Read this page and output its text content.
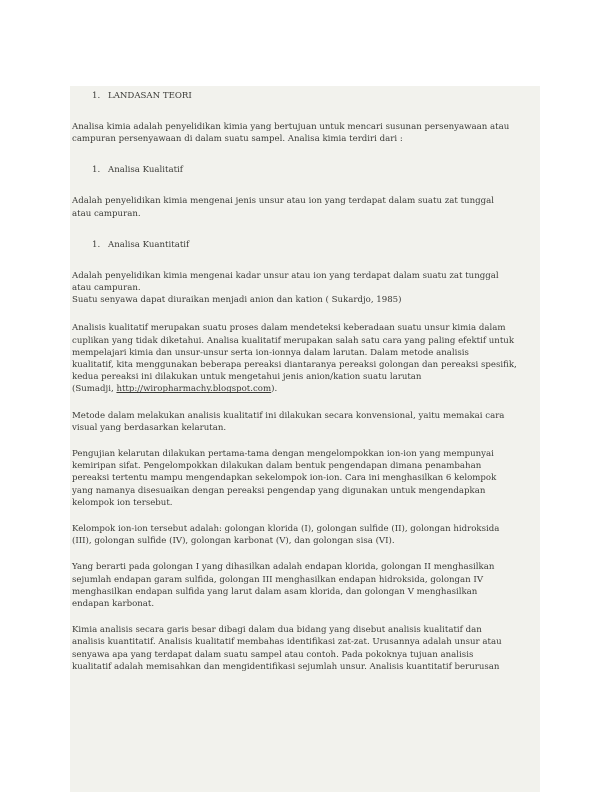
1. LANDASAN TEORI
Analisa kimia adalah penyelidikan kimia yang bertujuan untuk mencari susunan persenyawaan atau
campuran persenyawaan di dalam suatu sampel. Analisa kimia terdiri dari :
1. Analisa Kualitatif
Adalah penyelidikan kimia mengenai jenis unsur atau ion yang terdapat dalam suatu zat tunggal
atau campuran.
1. Analisa Kuantitatif
Adalah penyelidikan kimia mengenai kadar unsur atau ion yang terdapat dalam suatu zat tunggal
atau campuran.
Suatu senyawa dapat diuraikan menjadi anion dan kation ( Sukardjo, 1985)
Analisis kualitatif merupakan suatu proses dalam mendeteksi keberadaan suatu unsur kimia dalam
cuplikan yang tidak diketahui. Analisa kualitatif merupakan salah satu cara yang paling efektif untuk
mempelajari kimia dan unsur-unsur serta ion-ionnya dalam larutan. Dalam metode analisis
kualitatif, kita menggunakan beberapa pereaksi diantaranya pereaksi golongan dan pereaksi spesifik,
kedua pereaksi ini dilakukan untuk mengetahui jenis anion/kation suatu larutan
(Sumadji, http://wiropharmachy.blogspot.com).
Metode dalam melakukan analisis kualitatif ini dilakukan secara konvensional, yaitu memakai cara
visual yang berdasarkan kelarutan.
Pengujian kelarutan dilakukan pertama-tama dengan mengelompokkan ion-ion yang mempunyai
kemiripan sifat. Pengelompokkan dilakukan dalam bentuk pengendapan dimana penambahan
pereaksi tertentu mampu mengendapkan sekelompok ion-ion. Cara ini menghasilkan 6 kelompok
yang namanya disesuaikan dengan pereaksi pengendap yang digunakan untuk mengendapkan
kelompok ion tersebut.
Kelompok ion-ion tersebut adalah: golongan klorida (I), golongan sulfide (II), golongan hidroksida
(III), golongan sulfide (IV), golongan karbonat (V), dan golongan sisa (VI).
Yang berarti pada golongan I yang dihasilkan adalah endapan klorida, golongan II menghasilkan
sejumlah endapan garam sulfida, golongan III menghasilkan endapan hidroksida, golongan IV
menghasilkan endapan sulfida yang larut dalam asam klorida, dan golongan V menghasilkan
endapan karbonat.
Kimia analisis secara garis besar dibagi dalam dua bidang yang disebut analisis kualitatif dan
analisis kuantitatif. Analisis kualitatif membahas identifikasi zat-zat. Urusannya adalah unsur atau
senyawa apa yang terdapat dalam suatu sampel atau contoh. Pada pokoknya tujuan analisis
kualitatif adalah memisahkan dan mengidentifikasi sejumlah unsur. Analisis kuantitatif berurusan
